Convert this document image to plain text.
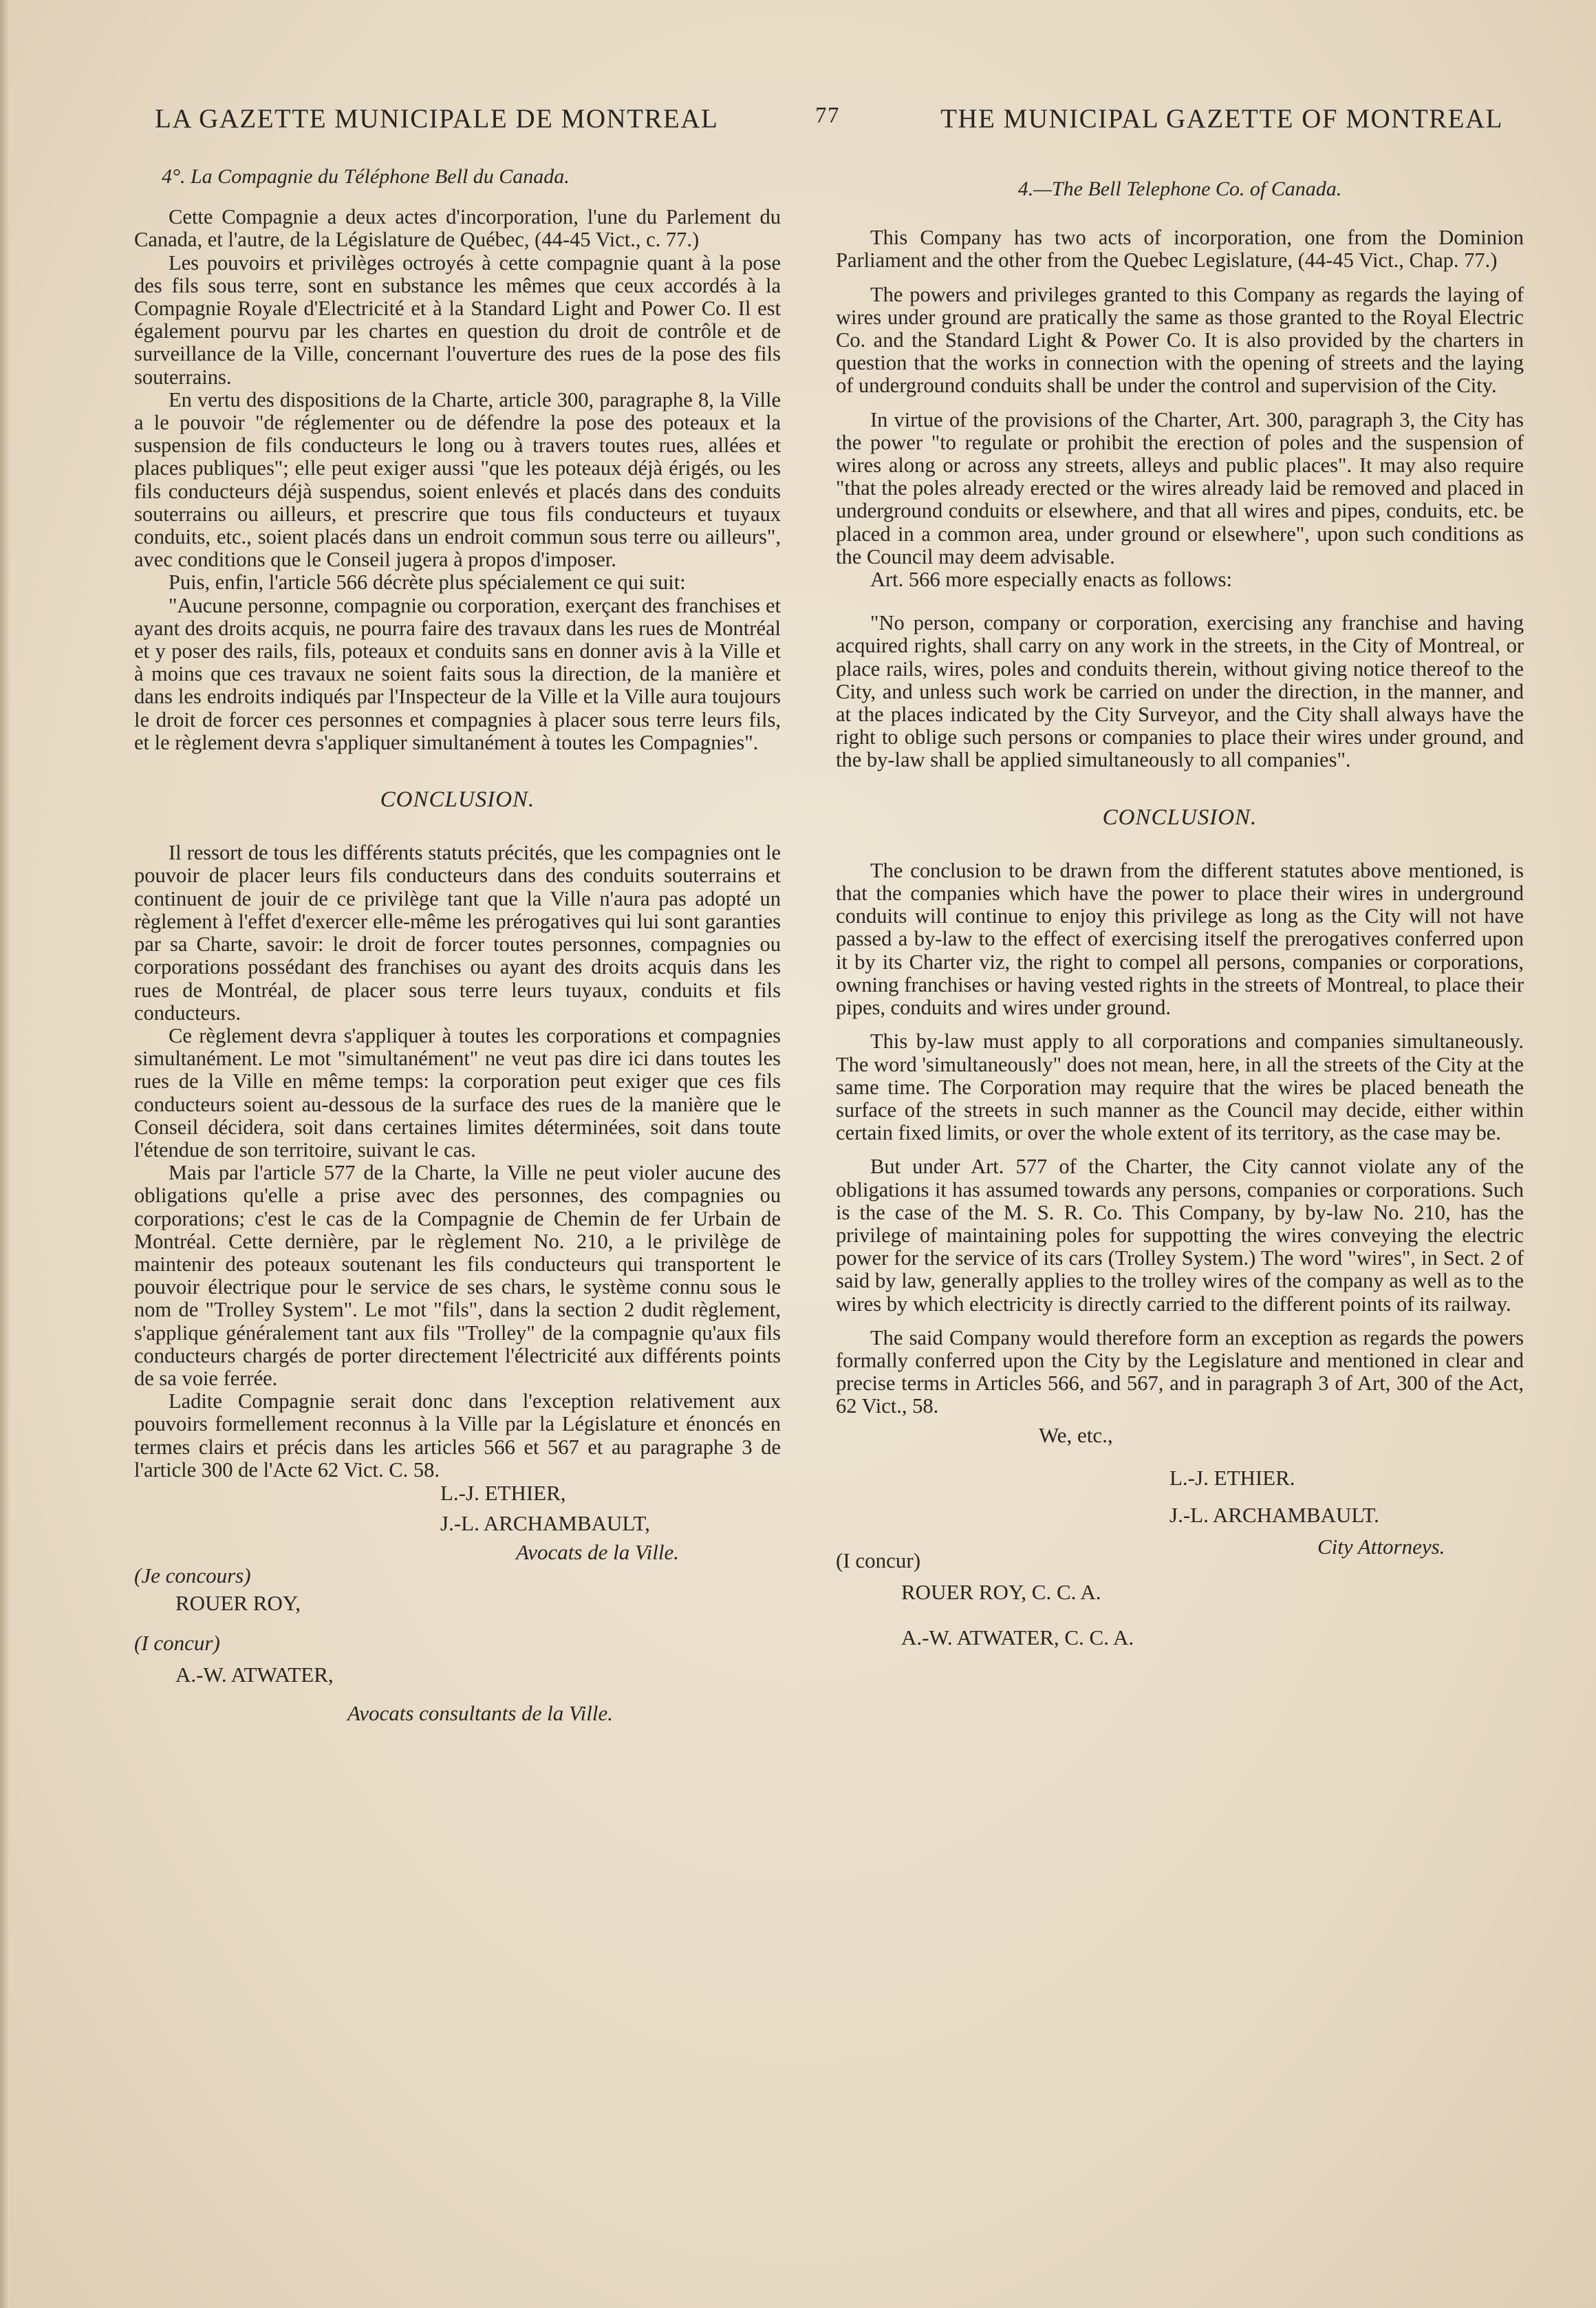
LA GAZETTE MUNICIPALE DE MONTREAL	77	THE MUNICIPAL GAZETTE OF MONTREAL
4°. La Compagnie du Téléphone Bell du Canada.

Cette Compagnie a deux actes d'incorporation, l'une du Parlement du Canada, et l'autre, de la Législature de Québec, (44-45 Vict., c. 77.)

Les pouvoirs et privilèges octroyés à cette compagnie quant à la pose des fils sous terre, sont en substance les mêmes que ceux accordés à la Compagnie Royale d'Electricité et à la Standard Light and Power Co. Il est également pourvu par les chartes en question du droit de contrôle et de surveillance de la Ville, concernant l'ouverture des rues de la pose des fils souterrains.

En vertu des dispositions de la Charte, article 300, paragraphe 8, la Ville a le pouvoir "de réglementer ou de défendre la pose des poteaux et la suspension de fils conducteurs le long ou à travers toutes rues, allées et places publiques"; elle peut exiger aussi "que les poteaux déjà érigés, ou les fils conducteurs déjà suspendus, soient enlevés et placés dans des conduits souterrains ou ailleurs, et prescrire que tous fils conducteurs et tuyaux conduits, etc., soient placés dans un endroit commun sous terre ou ailleurs", avec conditions que le Conseil jugera à propos d'imposer.

Puis, enfin, l'article 566 décrète plus spécialement ce qui suit:

"Aucune personne, compagnie ou corporation, exerçant des franchises et ayant des droits acquis, ne pourra faire des travaux dans les rues de Montréal et y poser des rails, fils, poteaux et conduits sans en donner avis à la Ville et à moins que ces travaux ne soient faits sous la direction, de la manière et dans les endroits indiqués par l'Inspecteur de la Ville et la Ville aura toujours le droit de forcer ces personnes et compagnies à placer sous terre leurs fils, et le règlement devra s'appliquer simultanément à toutes les Compagnies".

CONCLUSION.

Il ressort de tous les différents statuts précités, que les compagnies ont le pouvoir de placer leurs fils conducteurs dans des conduits souterrains et continuent de jouir de ce privilège tant que la Ville n'aura pas adopté un règlement à l'effet d'exercer elle-même les prérogatives qui lui sont garanties par sa Charte, savoir: le droit de forcer toutes personnes, compagnies ou corporations possédant des franchises ou ayant des droits acquis dans les rues de Montréal, de placer sous terre leurs tuyaux, conduits et fils conducteurs.

Ce règlement devra s'appliquer à toutes les corporations et compagnies simultanément. Le mot "simultanément" ne veut pas dire ici dans toutes les rues de la Ville en même temps: la corporation peut exiger que ces fils conducteurs soient au-dessous de la surface des rues de la manière que le Conseil décidera, soit dans certaines limites déterminées, soit dans toute l'étendue de son territoire, suivant le cas.

Mais par l'article 577 de la Charte, la Ville ne peut violer aucune des obligations qu'elle a prise avec des personnes, des compagnies ou corporations; c'est le cas de la Compagnie de Chemin de fer Urbain de Montréal. Cette dernière, par le règlement No. 210, a le privilège de maintenir des poteaux soutenant les fils conducteurs qui transportent le pouvoir électrique pour le service de ses chars, le système connu sous le nom de "Trolley System". Le mot "fils", dans la section 2 dudit règlement, s'applique généralement tant aux fils "Trolley" de la compagnie qu'aux fils conducteurs chargés de porter directement l'électricité aux différents points de sa voie ferrée.

Ladite Compagnie serait donc dans l'exception relativement aux pouvoirs formellement reconnus à la Ville par la Législature et énoncés en termes clairs et précis dans les articles 566 et 567 et au paragraphe 3 de l'article 300 de l'Acte 62 Vict. C. 58.

L.-J. ETHIER,
J.-L. ARCHAMBAULT,
Avocats de la Ville.
(Je concours)
ROUER ROY,
(I concur)
A.-W. ATWATER,
Avocats consultants de la Ville.
4.—The Bell Telephone Co. of Canada.

This Company has two acts of incorporation, one from the Dominion Parliament and the other from the Quebec Legislature, (44-45 Vict., Chap. 77.)

The powers and privileges granted to this Company as regards the laying of wires under ground are pratically the same as those granted to the Royal Electric Co. and the Standard Light & Power Co. It is also provided by the charters in question that the works in connection with the opening of streets and the laying of underground conduits shall be under the control and supervision of the City.

In virtue of the provisions of the Charter, Art. 300, paragraph 3, the City has the power "to regulate or prohibit the erection of poles and the suspension of wires along or across any streets, alleys and public places". It may also require "that the poles already erected or the wires already laid be removed and placed in underground conduits or elsewhere, and that all wires and pipes, conduits, etc. be placed in a common area, under ground or elsewhere", upon such conditions as the Council may deem advisable.

Art. 566 more especially enacts as follows:

"No person, company or corporation, exercising any franchise and having acquired rights, shall carry on any work in the streets, in the City of Montreal, or place rails, wires, poles and conduits therein, without giving notice thereof to the City, and unless such work be carried on under the direction, in the manner, and at the places indicated by the City Surveyor, and the City shall always have the right to oblige such persons or companies to place their wires under ground, and the by-law shall be applied simultaneously to all companies".

CONCLUSION.

The conclusion to be drawn from the different statutes above mentioned, is that the companies which have the power to place their wires in underground conduits will continue to enjoy this privilege as long as the City will not have passed a by-law to the effect of exercising itself the prerogatives conferred upon it by its Charter viz, the right to compel all persons, companies or corporations, owning franchises or having vested rights in the streets of Montreal, to place their pipes, conduits and wires under ground.

This by-law must apply to all corporations and companies simultaneously. The word 'simultaneously" does not mean, here, in all the streets of the City at the same time. The Corporation may require that the wires be placed beneath the surface of the streets in such manner as the Council may decide, either within certain fixed limits, or over the whole extent of its territory, as the case may be.

But under Art. 577 of the Charter, the City cannot violate any of the obligations it has assumed towards any persons, companies or corporations. Such is the case of the M. S. R. Co. This Company, by by-law No. 210, has the privilege of maintaining poles for suppotting the wires conveying the electric power for the service of its cars (Trolley System.) The word "wires", in Sect. 2 of said by law, generally applies to the trolley wires of the company as well as to the wires by which electricity is directly carried to the different points of its railway.

The said Company would therefore form an exception as regards the powers formally conferred upon the City by the Legislature and mentioned in clear and precise terms in Articles 566, and 567, and in paragraph 3 of Art, 300 of the Act, 62 Vict., 58.

We, etc.,
L.-J. ETHIER.
J.-L. ARCHAMBAULT.
City Attorneys.
(I concur)
ROUER ROY, C. C. A.
A.-W. ATWATER, C. C. A.
